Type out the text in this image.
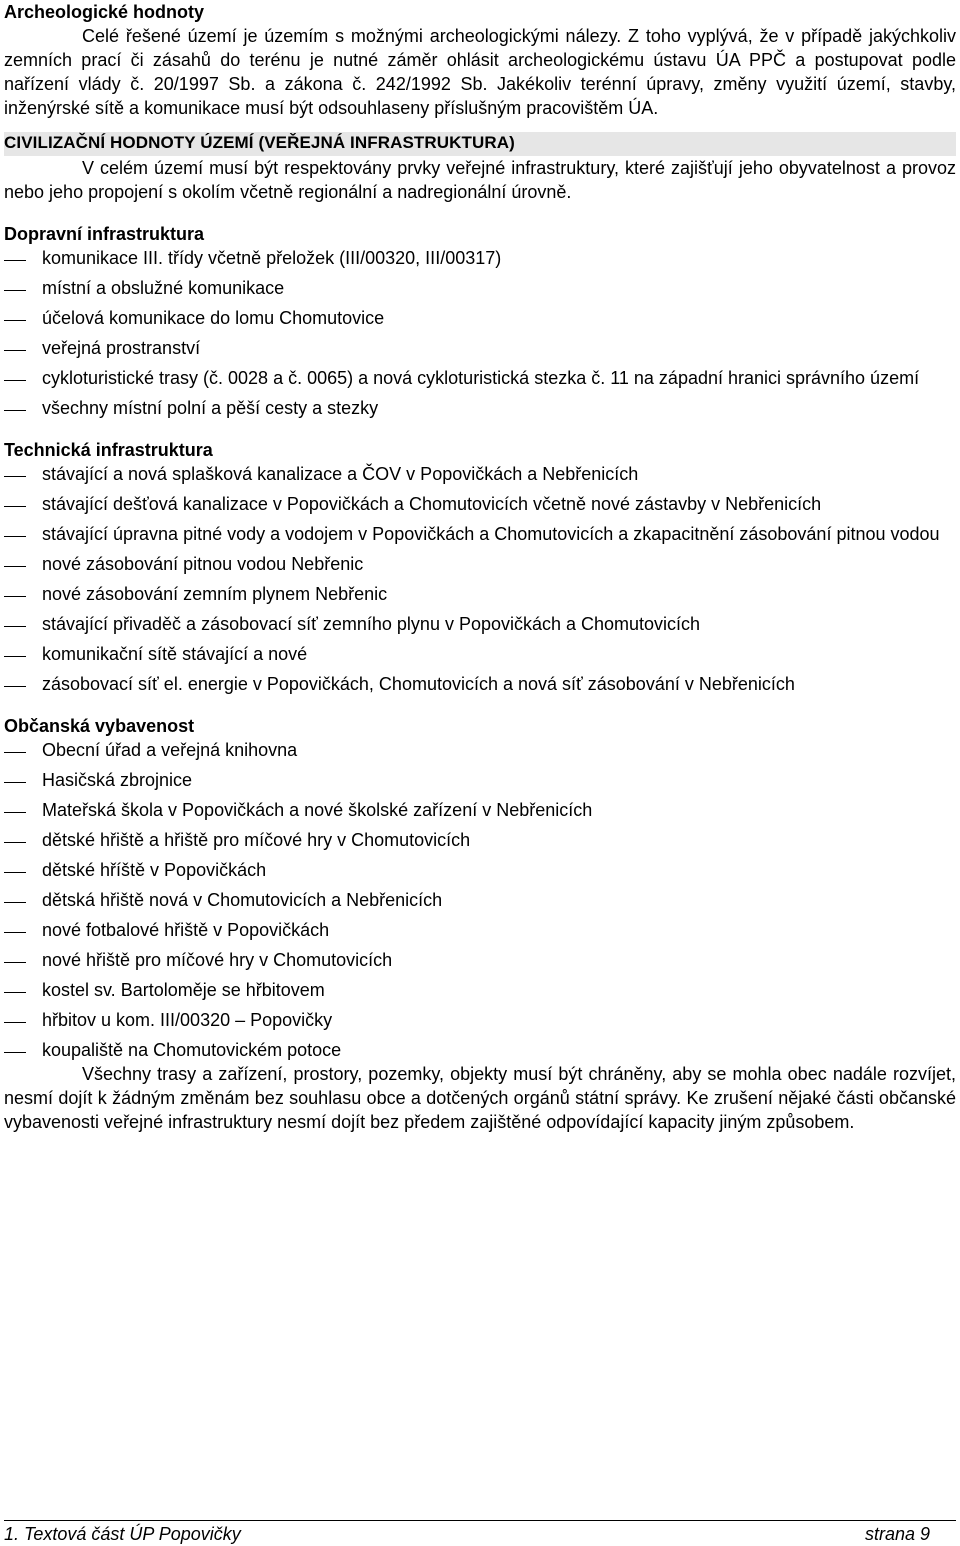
Archeologické hodnoty

Celé řešené území je územím s možnými archeologickými nálezy. Z toho vyplývá, že v případě jakýchkoliv zemních prací či zásahů do terénu je nutné záměr ohlásit archeologickému ústavu ÚA PPČ a postupovat podle nařízení vlády č. 20/1997 Sb. a zákona č. 242/1992 Sb. Jakékoliv terénní úpravy, změny využití území, stavby, inženýrské sítě a komunikace musí být odsouhlaseny příslušným pracovištěm ÚA.

CIVILIZAČNÍ HODNOTY ÚZEMÍ (VEŘEJNÁ INFRASTRUKTURA)

V celém území musí být respektovány prvky veřejné infrastruktury, které zajišťují jeho obyvatelnost a provoz nebo jeho propojení s okolím včetně regionální a nadregionální úrovně.

Dopravní infrastruktura
komunikace III. třídy včetně přeložek (III/00320, III/00317)
místní a obslužné komunikace
účelová komunikace do lomu Chomutovice
veřejná prostranství
cykloturistické trasy (č. 0028 a č. 0065) a nová cykloturistická stezka č. 11 na západní hranici správního území
všechny místní polní a pěší cesty a stezky
Technická infrastruktura
stávající a nová splašková kanalizace a ČOV v Popovičkách a Nebřenicích
stávající dešťová kanalizace v Popovičkách a Chomutovicích včetně nové zástavby v Nebřenicích
stávající úpravna pitné vody a vodojem v Popovičkách a Chomutovicích a zkapacitnění zásobování pitnou vodou
nové zásobování pitnou vodou Nebřenic
nové zásobování zemním plynem Nebřenic
stávající přivaděč a zásobovací síť zemního plynu v Popovičkách a Chomutovicích
komunikační sítě stávající a nové
zásobovací síť el. energie v Popovičkách, Chomutovicích a nová síť zásobování v Nebřenicích
Občanská vybavenost
Obecní úřad a veřejná knihovna
Hasičská zbrojnice
Mateřská škola v Popovičkách a nové školské zařízení v Nebřenicích
dětské hřiště a hřiště pro míčové hry v Chomutovicích
dětské hříště v Popovičkách
dětská hřiště nová v Chomutovicích a Nebřenicích
nové fotbalové hřiště v Popovičkách
nové hřiště pro míčové hry v Chomutovicích
kostel sv. Bartoloměje se hřbitovem
hřbitov u kom. III/00320 – Popovičky
koupaliště na Chomutovickém potoce

Všechny trasy a zařízení, prostory, pozemky, objekty musí být chráněny, aby se mohla obec nadále rozvíjet, nesmí dojít k žádným změnám bez souhlasu obce a dotčených orgánů státní správy. Ke zrušení nějaké části občanské vybavenosti veřejné infrastruktury nesmí dojít bez předem zajištěné odpovídající kapacity jiným způsobem.

1. Textová část ÚP Popovičky	strana 9
